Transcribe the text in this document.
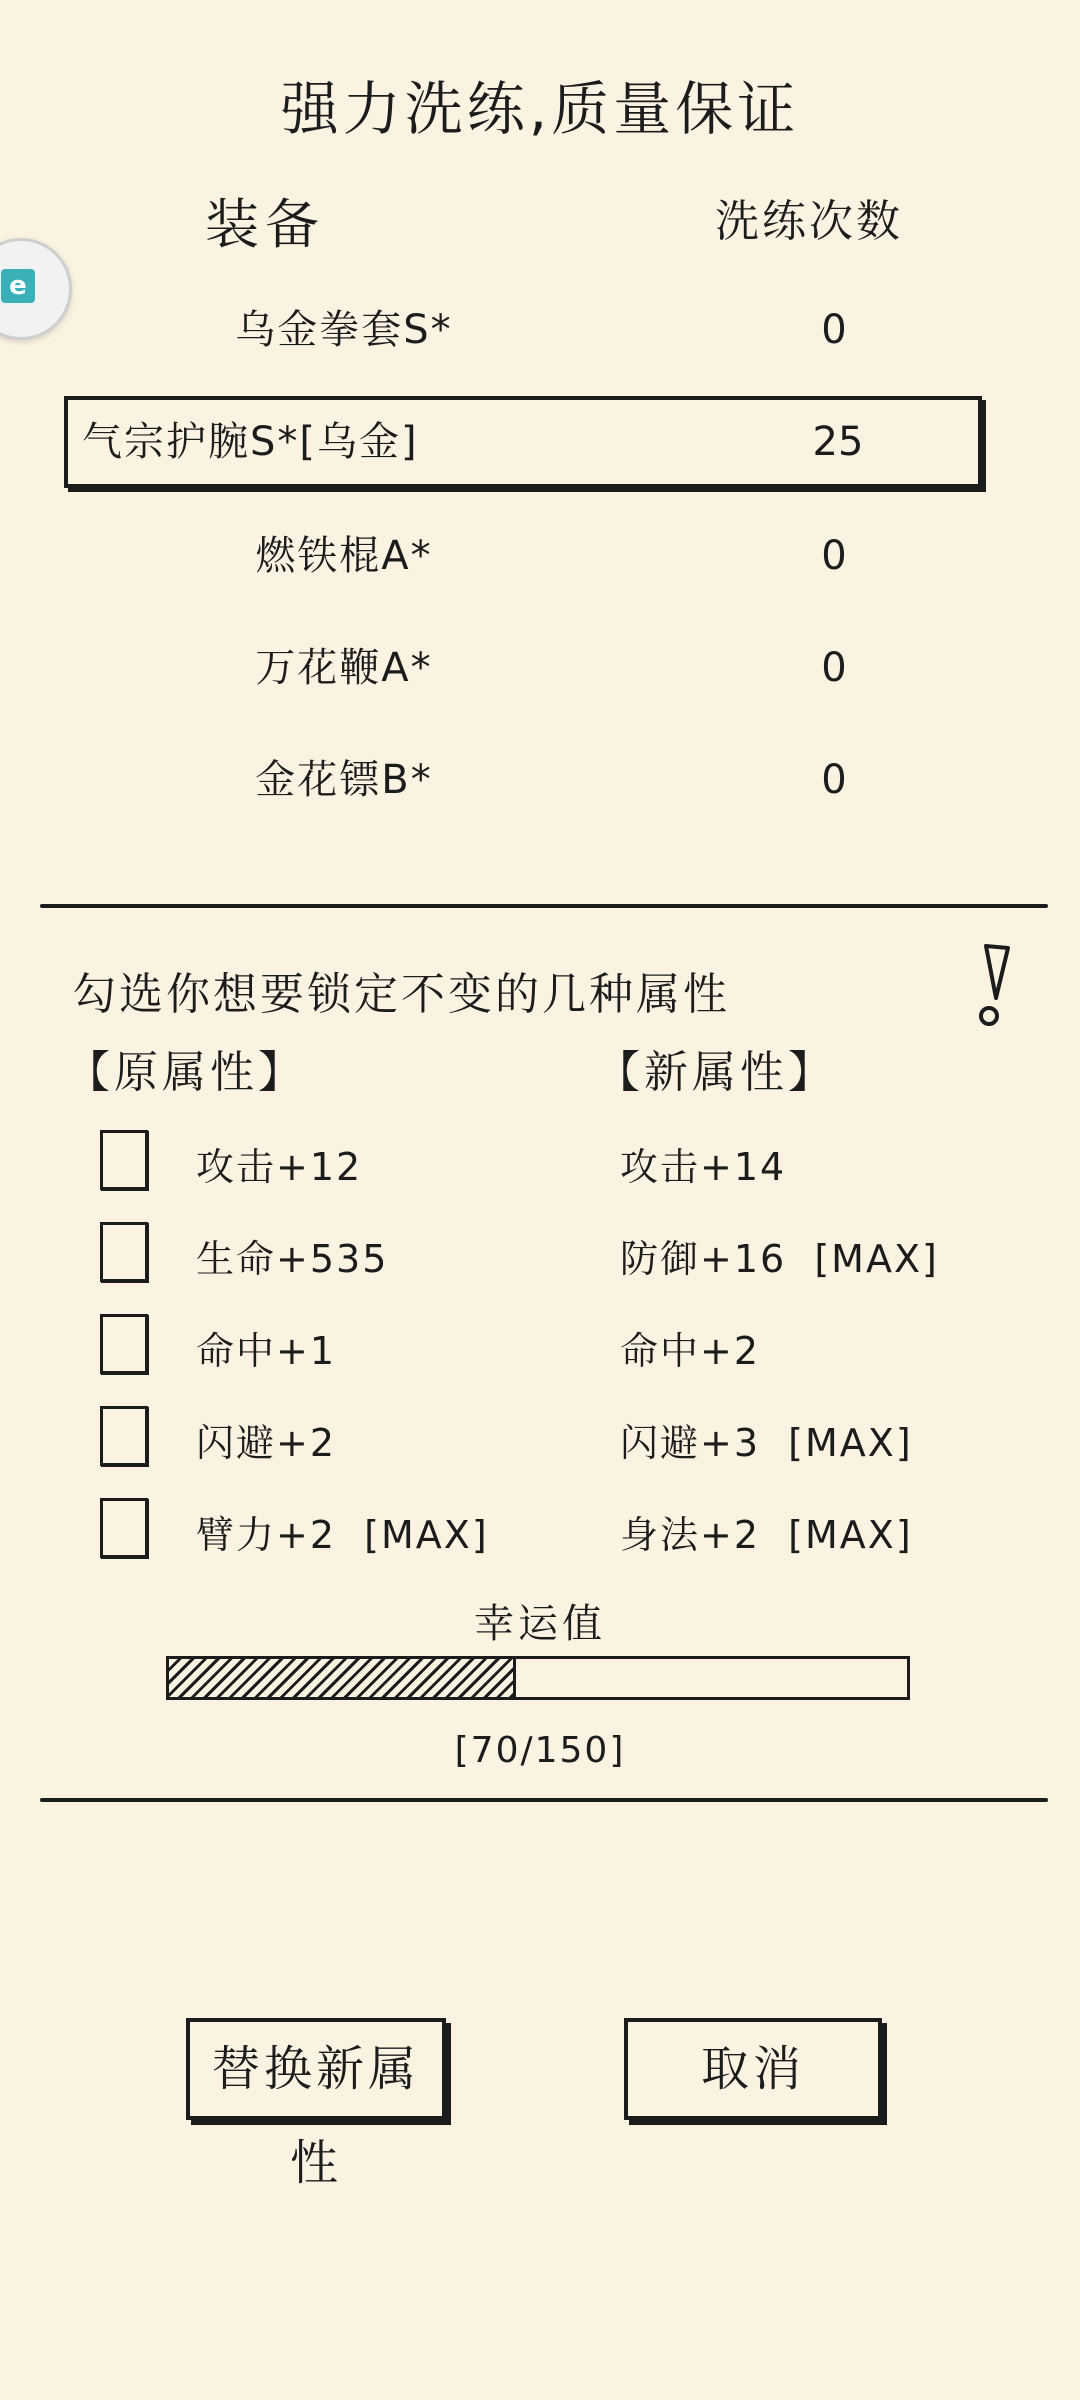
强力洗练,质量保证
装备	洗练次数
e
乌金拳套S*	0
气宗护腕S*[乌金]	25
燃铁棍A*	0
万花鞭A*	0
金花镖B*	0
勾选你想要锁定不变的几种属性
【原属性】	【新属性】
攻击+12	攻击+14
生命+535	防御+16  [MAX]
命中+1	命中+2
闪避+2	闪避+3  [MAX]
臂力+2  [MAX]	身法+2  [MAX]
幸运值
[70/150]
替换新属性
取消
